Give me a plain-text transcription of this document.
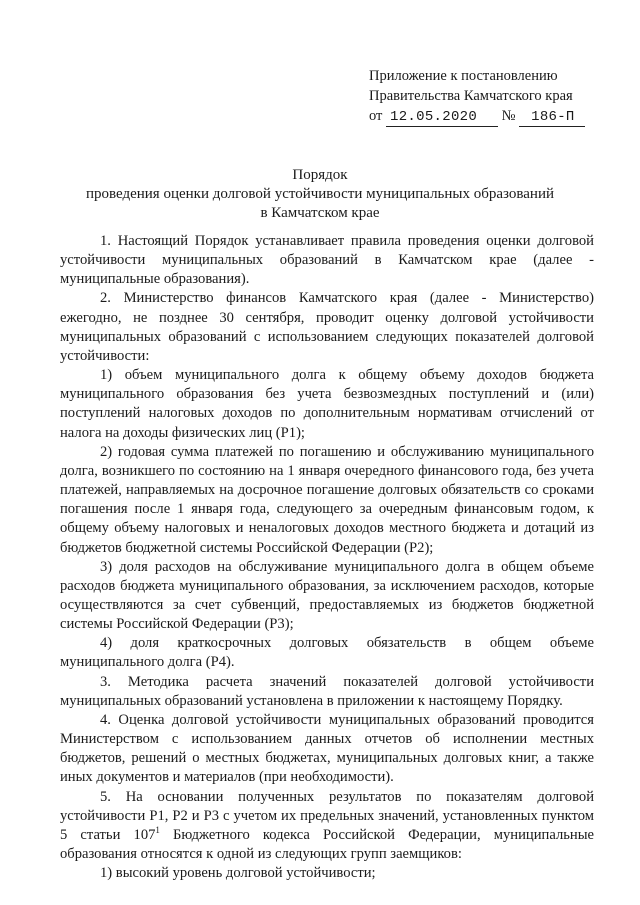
Приложение к постановлению
Правительства Камчатского края
от 12.05.2020 № 186-П
Порядок
проведения оценки долговой устойчивости муниципальных образований
в Камчатском крае

1. Настоящий Порядок устанавливает правила проведения оценки долговой устойчивости муниципальных образований в Камчатском крае (далее - муниципальные образования).

2. Министерство финансов Камчатского края (далее - Министерство) ежегодно, не позднее 30 сентября, проводит оценку долговой устойчивости муниципальных образований с использованием следующих показателей долговой устойчивости:

1) объем муниципального долга к общему объему доходов бюджета муниципального образования без учета безвозмездных поступлений и (или) поступлений налоговых доходов по дополнительным нормативам отчислений от налога на доходы физических лиц (Р1);

2) годовая сумма платежей по погашению и обслуживанию муниципального долга, возникшего по состоянию на 1 января очередного финансового года, без учета платежей, направляемых на досрочное погашение долговых обязательств со сроками погашения после 1 января года, следующего за очередным финансовым годом, к общему объему налоговых и неналоговых доходов местного бюджета и дотаций из бюджетов бюджетной системы Российской Федерации (Р2);

3) доля расходов на обслуживание муниципального долга в общем объеме расходов бюджета муниципального образования, за исключением расходов, которые осуществляются за счет субвенций, предоставляемых из бюджетов бюджетной системы Российской Федерации (Р3);

4) доля краткосрочных долговых обязательств в общем объеме муниципального долга (Р4).

3. Методика расчета значений показателей долговой устойчивости муниципальных образований установлена в приложении к настоящему Порядку.

4. Оценка долговой устойчивости муниципальных образований проводится Министерством с использованием данных отчетов об исполнении местных бюджетов, решений о местных бюджетах, муниципальных долговых книг, а также иных документов и материалов (при необходимости).

5. На основании полученных результатов по показателям долговой устойчивости Р1, Р2 и Р3 с учетом их предельных значений, установленных пунктом 5 статьи $107^1$ Бюджетного кодекса Российской Федерации, муниципальные образования относятся к одной из следующих групп заемщиков:

1) высокий уровень долговой устойчивости;
